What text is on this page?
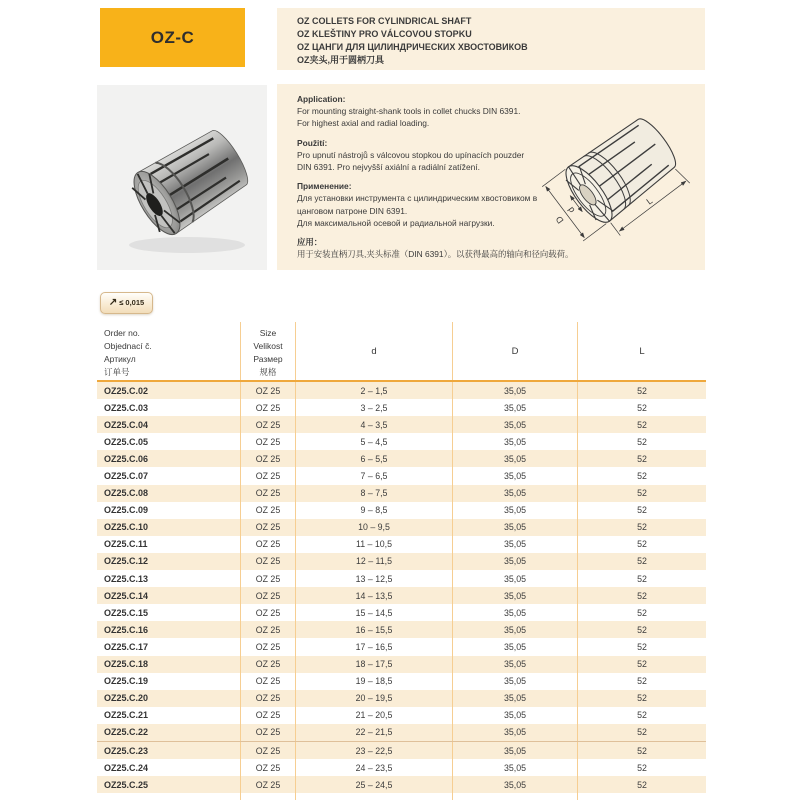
OZ-C
OZ COLLETS FOR CYLINDRICAL SHAFT
OZ KLEŠTINY PRO VÁLCOVOU STOPKU
OZ ЦАНГИ ДЛЯ ЦИЛИНДРИЧЕСКИХ ХВОСТОВИКОВ
OZ夹头,用于圆柄刀具
Application:
For mounting straight-shank tools in collet chucks DIN 6391.
For highest axial and radial loading.
Použití:
Pro upnutí nástrojů s válcovou stopkou do upínacích pouzder
DIN 6391. Pro nejvyšší axiální a radiální zatížení.
Применение:
Для установки инструмента с цилиндрическим хвостовиком в
цанговом патроне DIN 6391.
Для максимальной осевой и радиальной нагрузки.
应用：
用于安装直柄刀具,夹头标准（DIN 6391）。以获得最高的轴向和径向载荷。
D
d
L
↗ ≤ 0,015
Order no.
Objednací č.
Артикул
订单号
Size
Velikost
Размер
规格
d	D	L
OZ25.C.02	OZ 25	2 – 1,5	35,05	52
OZ25.C.03	OZ 25	3 – 2,5	35,05	52
OZ25.C.04	OZ 25	4 – 3,5	35,05	52
OZ25.C.05	OZ 25	5 – 4,5	35,05	52
OZ25.C.06	OZ 25	6 – 5,5	35,05	52
OZ25.C.07	OZ 25	7 – 6,5	35,05	52
OZ25.C.08	OZ 25	8 – 7,5	35,05	52
OZ25.C.09	OZ 25	9 – 8,5	35,05	52
OZ25.C.10	OZ 25	10 – 9,5	35,05	52
OZ25.C.11	OZ 25	11 – 10,5	35,05	52
OZ25.C.12	OZ 25	12 – 11,5	35,05	52
OZ25.C.13	OZ 25	13 – 12,5	35,05	52
OZ25.C.14	OZ 25	14 – 13,5	35,05	52
OZ25.C.15	OZ 25	15 – 14,5	35,05	52
OZ25.C.16	OZ 25	16 – 15,5	35,05	52
OZ25.C.17	OZ 25	17 – 16,5	35,05	52
OZ25.C.18	OZ 25	18 – 17,5	35,05	52
OZ25.C.19	OZ 25	19 – 18,5	35,05	52
OZ25.C.20	OZ 25	20 – 19,5	35,05	52
OZ25.C.21	OZ 25	21 – 20,5	35,05	52
OZ25.C.22	OZ 25	22 – 21,5	35,05	52
OZ25.C.23	OZ 25	23 – 22,5	35,05	52
OZ25.C.24	OZ 25	24 – 23,5	35,05	52
OZ25.C.25	OZ 25	25 – 24,5	35,05	52
